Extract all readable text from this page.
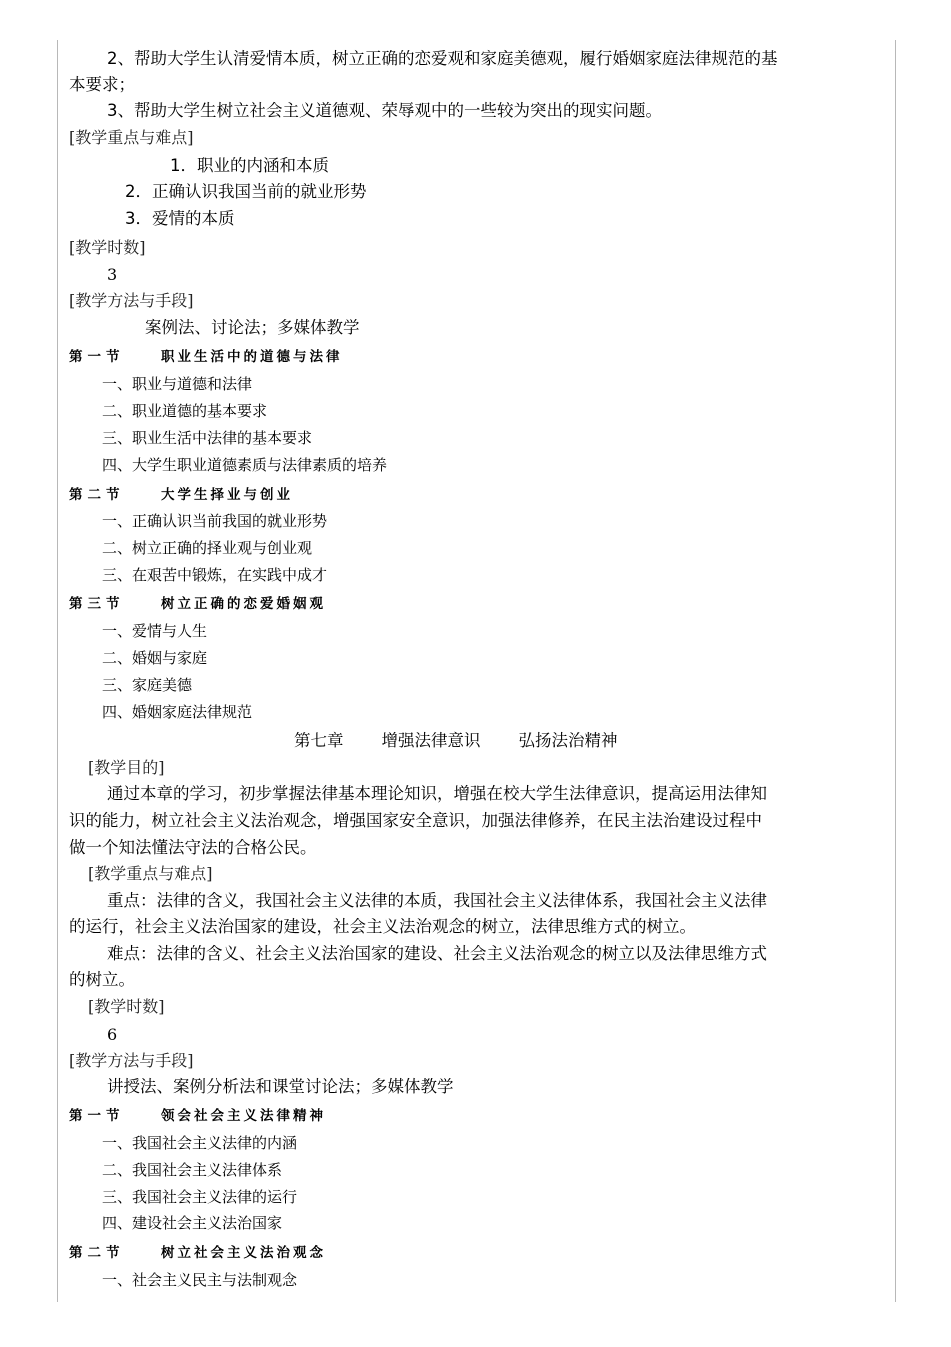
2、帮助大学生认清爱情本质，树立正确的恋爱观和家庭美德观，履行婚姻家庭法律规范的基
本要求；
3、帮助大学生树立社会主义道德观、荣辱观中的一些较为突出的现实问题。
[教学重点与难点]
1．职业的内涵和本质
2．正确认识我国当前的就业形势
3．爱情的本质
[教学时数]
3
[教学方法与手段]
案例法、讨论法；多媒体教学
第一节	职业生活中的道德与法律
一、职业与道德和法律
二、职业道德的基本要求
三、职业生活中法律的基本要求
四、大学生职业道德素质与法律素质的培养
第二节	大学生择业与创业
一、正确认识当前我国的就业形势
二、树立正确的择业观与创业观
三、在艰苦中锻炼，在实践中成才
第三节	树立正确的恋爱婚姻观
一、爱情与人生
二、婚姻与家庭
三、家庭美德
四、婚姻家庭法律规范
第七章 增强法律意识 弘扬法治精神
[教学目的]
通过本章的学习，初步掌握法律基本理论知识，增强在校大学生法律意识，提高运用法律知
识的能力，树立社会主义法治观念，增强国家安全意识，加强法律修养，在民主法治建设过程中
做一个知法懂法守法的合格公民。
[教学重点与难点]
重点：法律的含义，我国社会主义法律的本质，我国社会主义法律体系，我国社会主义法律
的运行，社会主义法治国家的建设，社会主义法治观念的树立，法律思维方式的树立。
难点：法律的含义、社会主义法治国家的建设、社会主义法治观念的树立以及法律思维方式
的树立。
[教学时数]
6
[教学方法与手段]
讲授法、案例分析法和课堂讨论法；多媒体教学
第一节	领会社会主义法律精神
一、我国社会主义法律的内涵
二、我国社会主义法律体系
三、我国社会主义法律的运行
四、建设社会主义法治国家
第二节	树立社会主义法治观念
一、社会主义民主与法制观念
